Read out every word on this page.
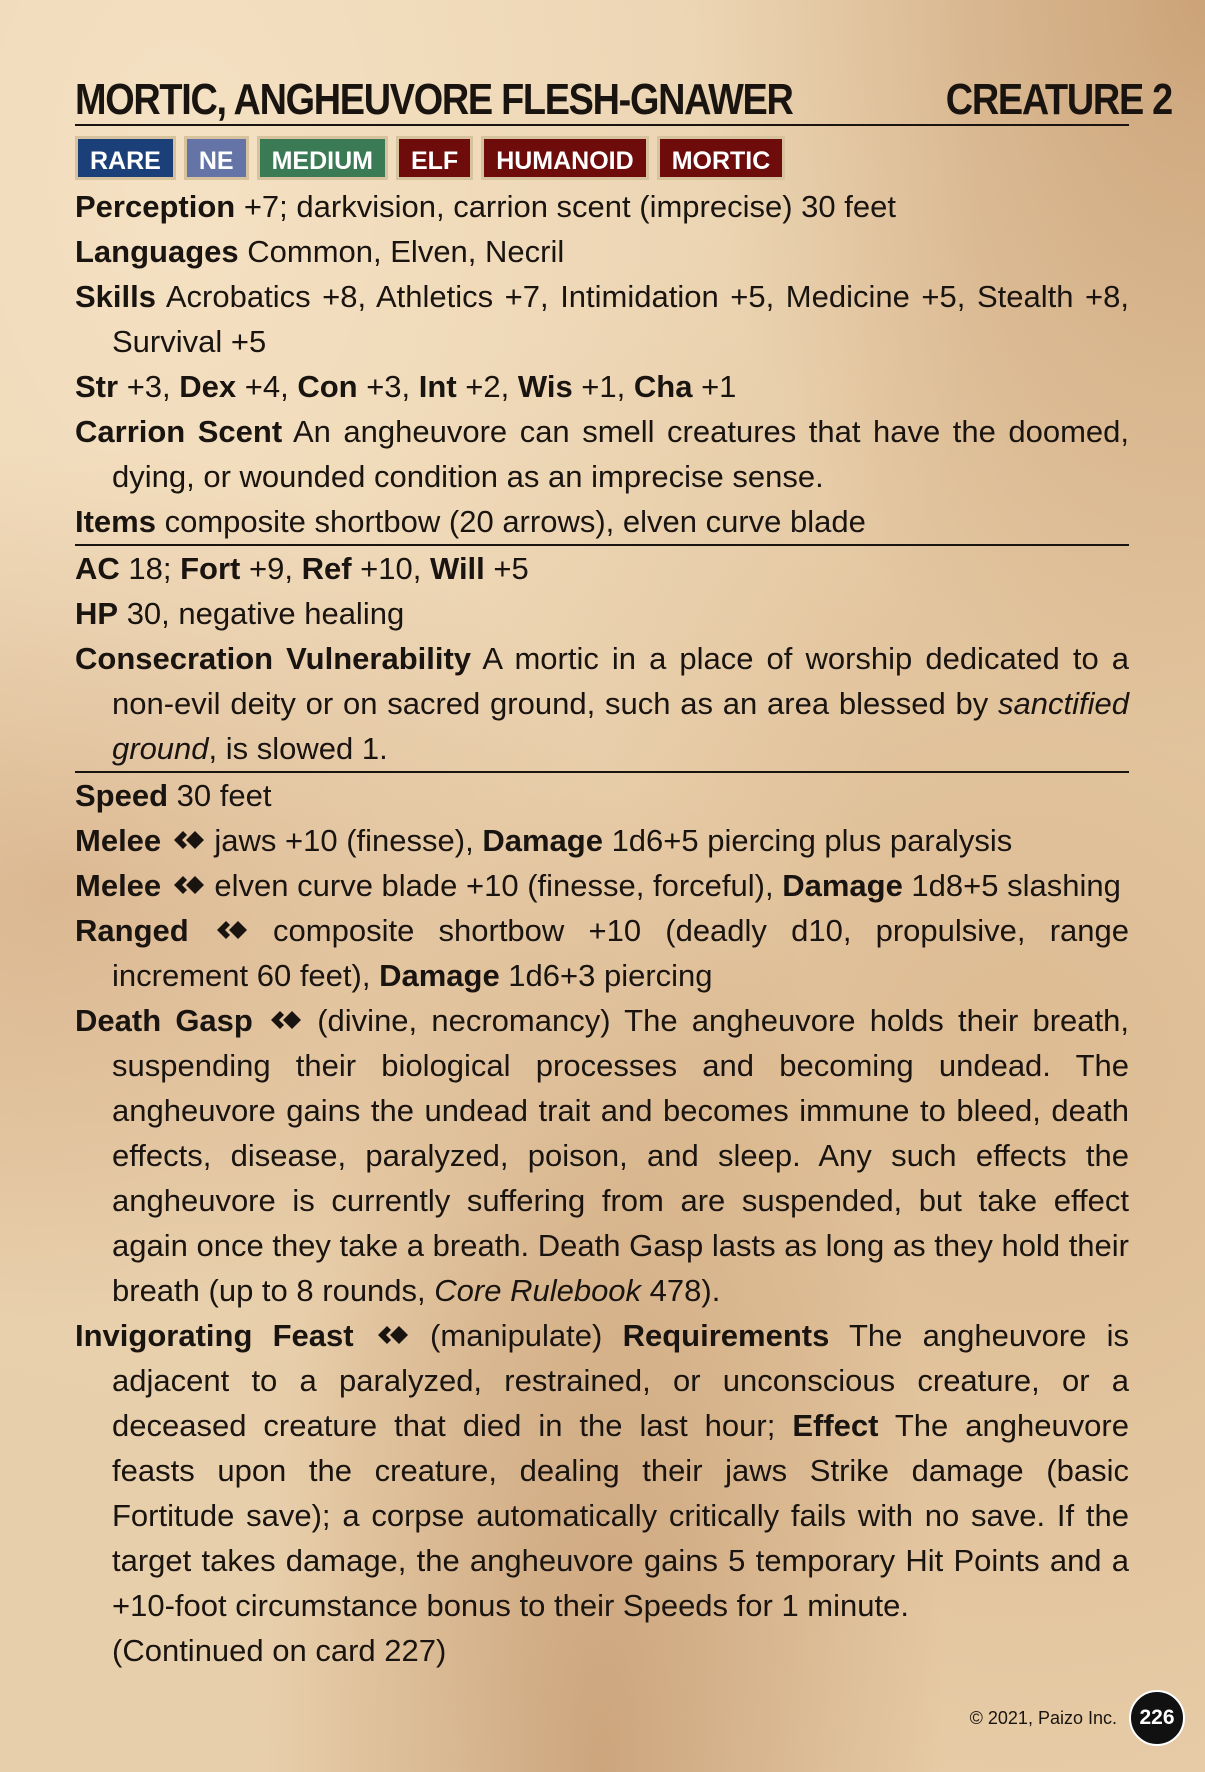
MORTIC, ANGHEUVORE FLESH-GNAWER	CREATURE 2
RARE	NE	MEDIUM	ELF	HUMANOID	MORTIC
Perception +7; darkvision, carrion scent (imprecise) 30 feet
Languages Common, Elven, Necril
Skills Acrobatics +8, Athletics +7, Intimidation +5, Medicine +5, Stealth +8, Survival +5
Str +3, Dex +4, Con +3, Int +2, Wis +1, Cha +1
Carrion Scent An angheuvore can smell creatures that have the doomed, dying, or wounded condition as an imprecise sense.
Items composite shortbow (20 arrows), elven curve blade
AC 18; Fort +9, Ref +10, Will +5
HP 30, negative healing
Consecration Vulnerability A mortic in a place of worship dedicated to a non-evil deity or on sacred ground, such as an area blessed by sanctified ground, is slowed 1.
Speed 30 feet
Melee  jaws +10 (finesse), Damage 1d6+5 piercing plus paralysis
Melee  elven curve blade +10 (finesse, forceful), Damage 1d8+5 slashing
Ranged  composite shortbow +10 (deadly d10, propulsive, range increment 60 feet), Damage 1d6+3 piercing
Death Gasp  (divine, necromancy) The angheuvore holds their breath, suspending their biological processes and becoming undead. The angheuvore gains the undead trait and becomes immune to bleed, death effects, disease, paralyzed, poison, and sleep. Any such effects the angheuvore is currently suffering from are suspended, but take effect again once they take a breath. Death Gasp lasts as long as they hold their breath (up to 8 rounds, Core Rulebook 478).
Invigorating Feast  (manipulate) Requirements The angheuvore is adjacent to a paralyzed, restrained, or unconscious creature, or a deceased creature that died in the last hour; Effect The angheuvore feasts upon the creature, dealing their jaws Strike damage (basic Fortitude save); a corpse automatically critically fails with no save. If the target takes damage, the angheuvore gains 5 temporary Hit Points and a +10-foot circumstance bonus to their Speeds for 1 minute.
(Continued on card 227)
© 2021, Paizo Inc.	226
